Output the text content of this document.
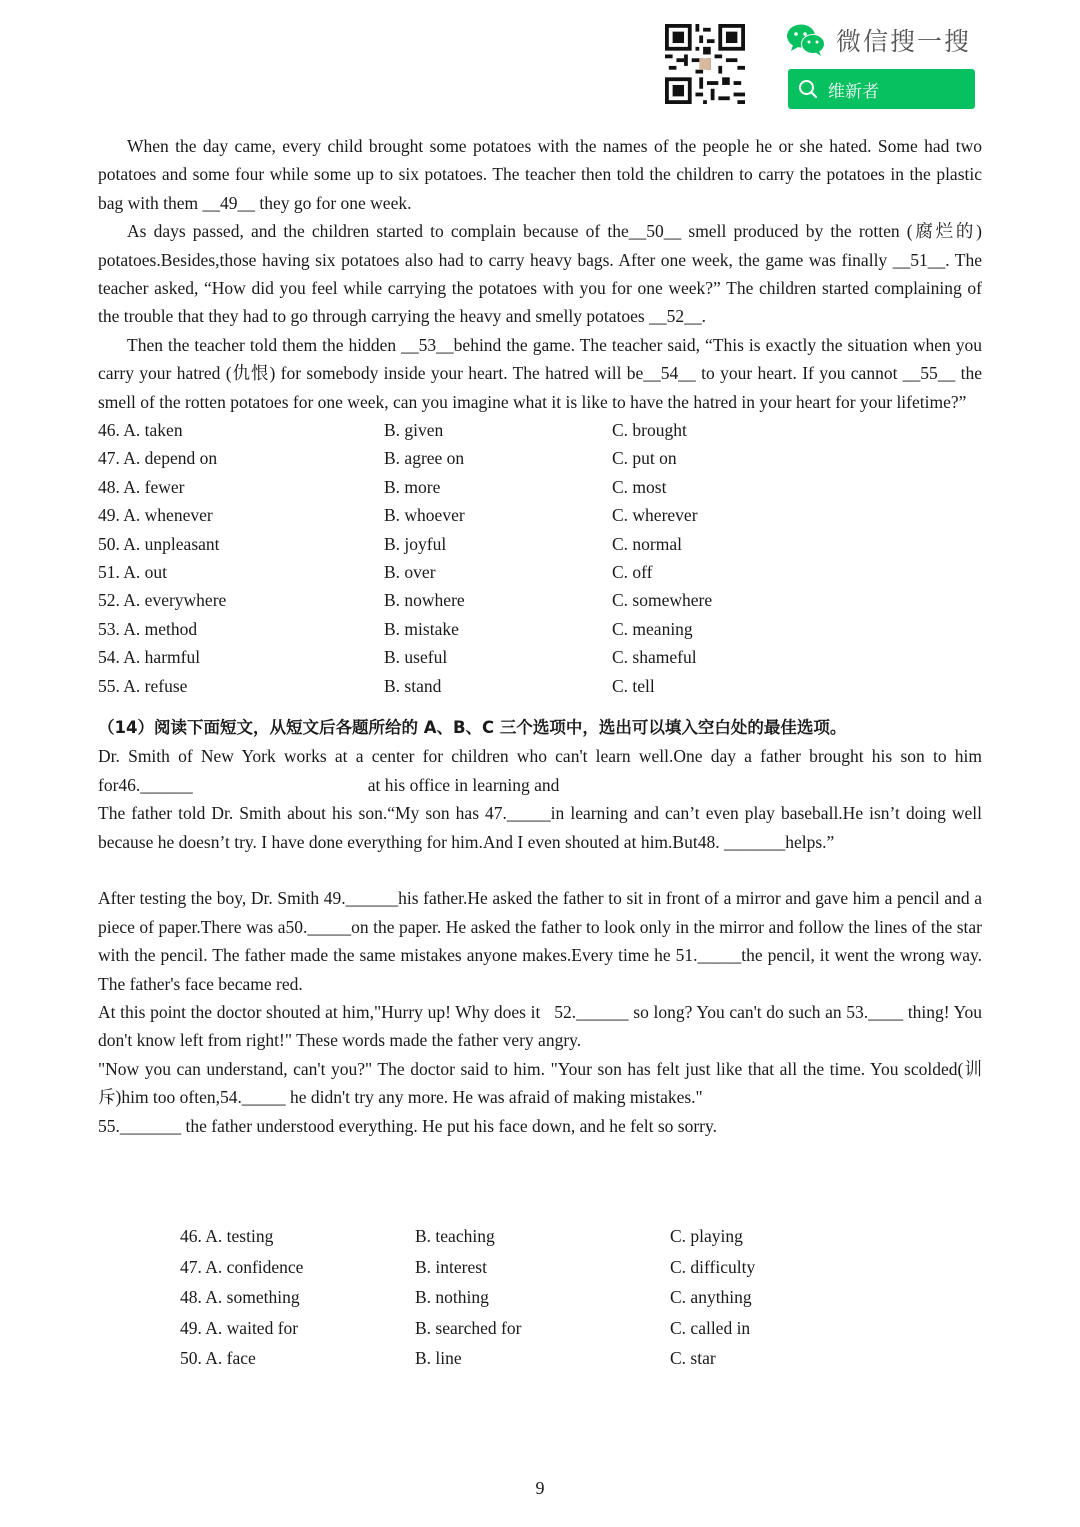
微信搜一搜
维新者

When the day came, every child brought some potatoes with the names of the people he or she hated. Some had two potatoes and some four while some up to six potatoes. The teacher then told the children to carry the potatoes in the plastic bag with them __49__ they go for one week.

As days passed, and the children started to complain because of the__50__ smell produced by the rotten (腐烂的) potatoes.Besides,those having six potatoes also had to carry heavy bags. After one week, the game was finally __51__. The teacher asked, “How did you feel while carrying the potatoes with you for one week?” The children started complaining of the trouble that they had to go through carrying the heavy and smelly potatoes __52__.

Then the teacher told them the hidden __53__behind the game. The teacher said, “This is exactly the situation when you carry your hatred (仇恨) for somebody inside your heart. The hatred will be__54__ to your heart. If you cannot __55__ the smell of the rotten potatoes for one week, can you imagine what it is like to have the hatred in your heart for your lifetime?”

46. A. taken	B. given	C. brought
47. A. depend on	B. agree on	C. put on
48. A. fewer	B. more	C. most
49. A. whenever	B. whoever	C. wherever
50. A. unpleasant	B. joyful	C. normal
51. A. out	B. over	C. off
52. A. everywhere	B. nowhere	C. somewhere
53. A. method	B. mistake	C. meaning
54. A. harmful	B. useful	C. shameful
55. A. refuse	B. stand	C. tell
（14）阅读下面短文，从短文后各题所给的 A、B、C 三个选项中，选出可以填入空白处的最佳选项。

Dr. Smith of New York works at a center for children who can't learn well.One day a father brought his son to him for46.______                                        at his office in learning and

The father told Dr. Smith about his son.“My son has 47._____in learning and can’t even play baseball.He isn’t doing well because he doesn’t try. I have done everything for him.And I even shouted at him.But48. _______helps.”

After testing the boy, Dr. Smith 49.______his father.He asked the father to sit in front of a mirror and gave him a pencil and a piece of paper.There was a50._____on the paper. He asked the father to look only in the mirror and follow the lines of the star with the pencil. The father made the same mistakes anyone makes.Every time he 51._____the pencil, it went the wrong way. The father's face became red.

At this point the doctor shouted at him,"Hurry up! Why does it   52.______ so long? You can't do such an 53.____ thing! You don't know left from right!" These words made the father very angry.

"Now you can understand, can't you?" The doctor said to him. "Your son has felt just like that all the time. You scolded(训斥)him too often,54._____ he didn't try any more. He was afraid of making mistakes."

55._______ the father understood everything. He put his face down, and he felt so sorry.

46. A. testing	B. teaching	C. playing
47. A. confidence	B. interest	C. difficulty
48. A. something	B. nothing	C. anything
49. A. waited for	B. searched for	C. called in
50. A. face	B. line	C. star
9
